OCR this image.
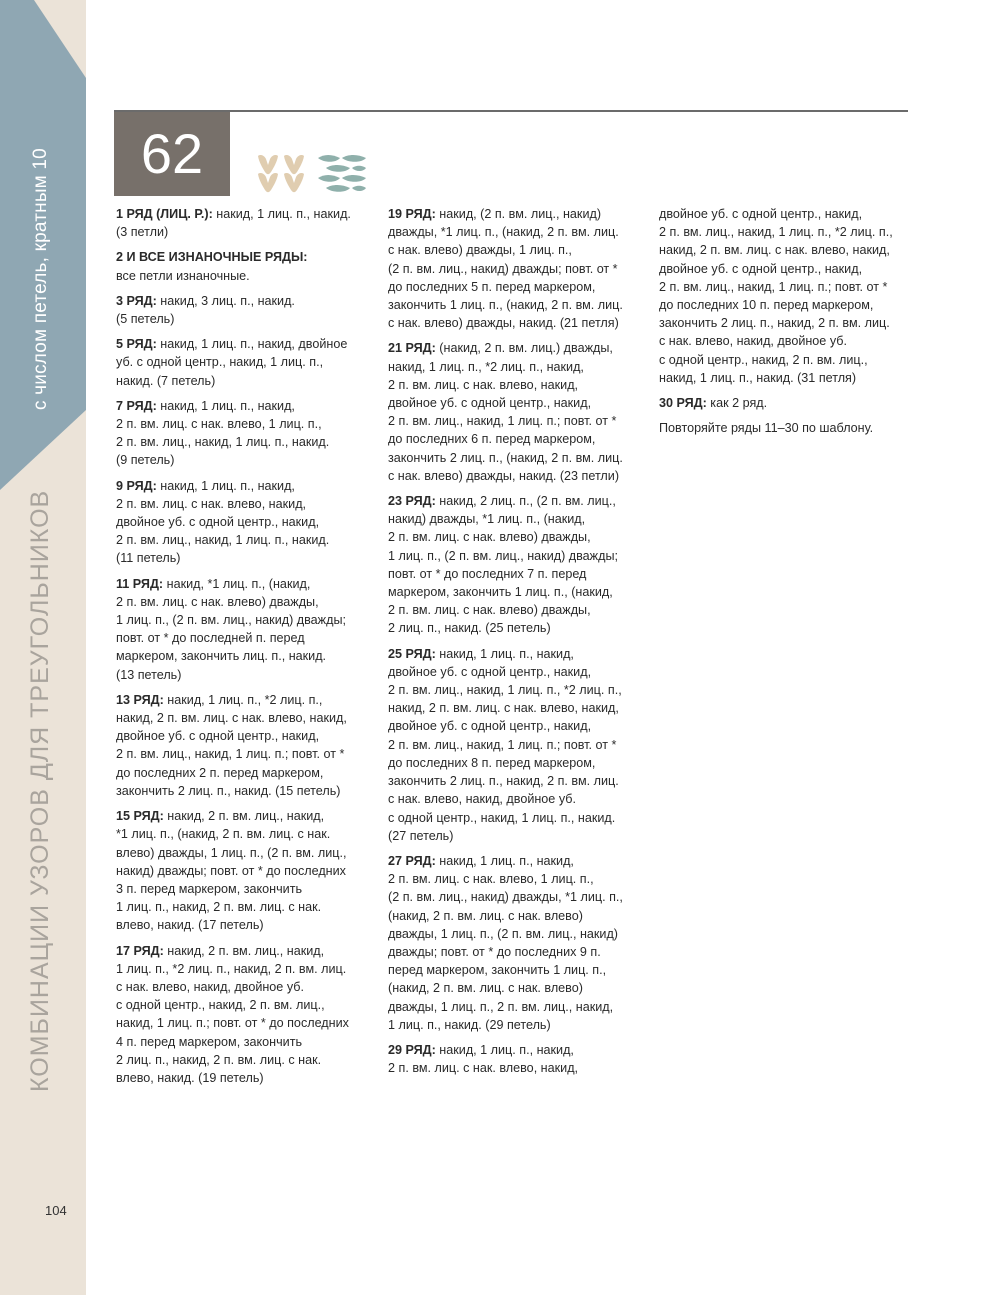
с числом петель, кратным 10
КОМБИНАЦИИ УЗОРОВ ДЛЯ ТРЕУГОЛЬНИКОВ
104
62
1 РЯД (ЛИЦ. Р.): накид, 1 лиц. п., накид.
(3 петли)
2 И ВСЕ ИЗНАНОЧНЫЕ РЯДЫ:
все петли изнаночные.
3 РЯД: накид, 3 лиц. п., накид.
(5 петель)
5 РЯД: накид, 1 лиц. п., накид, двойное
уб. с одной центр., накид, 1 лиц. п.,
накид. (7 петель)
7 РЯД: накид, 1 лиц. п., накид,
2 п. вм. лиц. с нак. влево, 1 лиц. п.,
2 п. вм. лиц., накид, 1 лиц. п., накид.
(9 петель)
9 РЯД: накид, 1 лиц. п., накид,
2 п. вм. лиц. с нак. влево, накид,
двойное уб. с одной центр., накид,
2 п. вм. лиц., накид, 1 лиц. п., накид.
(11 петель)
11 РЯД: накид, *1 лиц. п., (накид,
2 п. вм. лиц. с нак. влево) дважды,
1 лиц. п., (2 п. вм. лиц., накид) дважды;
повт. от * до последней п. перед
маркером, закончить лиц. п., накид.
(13 петель)
13 РЯД: накид, 1 лиц. п., *2 лиц. п.,
накид, 2 п. вм. лиц. с нак. влево, накид,
двойное уб. с одной центр., накид,
2 п. вм. лиц., накид, 1 лиц. п.; повт. от *
до последних 2 п. перед маркером,
закончить 2 лиц. п., накид. (15 петель)
15 РЯД: накид, 2 п. вм. лиц., накид,
*1 лиц. п., (накид, 2 п. вм. лиц. с нак.
влево) дважды, 1 лиц. п., (2 п. вм. лиц.,
накид) дважды; повт. от * до последних
3 п. перед маркером, закончить
1 лиц. п., накид, 2 п. вм. лиц. с нак.
влево, накид. (17 петель)
17 РЯД: накид, 2 п. вм. лиц., накид,
1 лиц. п., *2 лиц. п., накид, 2 п. вм. лиц.
с нак. влево, накид, двойное уб.
с одной центр., накид, 2 п. вм. лиц.,
накид, 1 лиц. п.; повт. от * до последних
4 п. перед маркером, закончить
2 лиц. п., накид, 2 п. вм. лиц. с нак.
влево, накид. (19 петель)
19 РЯД: накид, (2 п. вм. лиц., накид)
дважды, *1 лиц. п., (накид, 2 п. вм. лиц.
с нак. влево) дважды, 1 лиц. п.,
(2 п. вм. лиц., накид) дважды; повт. от *
до последних 5 п. перед маркером,
закончить 1 лиц. п., (накид, 2 п. вм. лиц.
с нак. влево) дважды, накид. (21 петля)
21 РЯД: (накид, 2 п. вм. лиц.) дважды,
накид, 1 лиц. п., *2 лиц. п., накид,
2 п. вм. лиц. с нак. влево, накид,
двойное уб. с одной центр., накид,
2 п. вм. лиц., накид, 1 лиц. п.; повт. от *
до последних 6 п. перед маркером,
закончить 2 лиц. п., (накид, 2 п. вм. лиц.
с нак. влево) дважды, накид. (23 петли)
23 РЯД: накид, 2 лиц. п., (2 п. вм. лиц.,
накид) дважды, *1 лиц. п., (накид,
2 п. вм. лиц. с нак. влево) дважды,
1 лиц. п., (2 п. вм. лиц., накид) дважды;
повт. от * до последних 7 п. перед
маркером, закончить 1 лиц. п., (накид,
2 п. вм. лиц. с нак. влево) дважды,
2 лиц. п., накид. (25 петель)
25 РЯД: накид, 1 лиц. п., накид,
двойное уб. с одной центр., накид,
2 п. вм. лиц., накид, 1 лиц. п., *2 лиц. п.,
накид, 2 п. вм. лиц. с нак. влево, накид,
двойное уб. с одной центр., накид,
2 п. вм. лиц., накид, 1 лиц. п.; повт. от *
до последних 8 п. перед маркером,
закончить 2 лиц. п., накид, 2 п. вм. лиц.
с нак. влево, накид, двойное уб.
с одной центр., накид, 1 лиц. п., накид.
(27 петель)
27 РЯД: накид, 1 лиц. п., накид,
2 п. вм. лиц. с нак. влево, 1 лиц. п.,
(2 п. вм. лиц., накид) дважды, *1 лиц. п.,
(накид, 2 п. вм. лиц. с нак. влево)
дважды, 1 лиц. п., (2 п. вм. лиц., накид)
дважды; повт. от * до последних 9 п.
перед маркером, закончить 1 лиц. п.,
(накид, 2 п. вм. лиц. с нак. влево)
дважды, 1 лиц. п., 2 п. вм. лиц., накид,
1 лиц. п., накид. (29 петель)
29 РЯД: накид, 1 лиц. п., накид,
2 п. вм. лиц. с нак. влево, накид,
двойное уб. с одной центр., накид,
2 п. вм. лиц., накид, 1 лиц. п., *2 лиц. п.,
накид, 2 п. вм. лиц. с нак. влево, накид,
двойное уб. с одной центр., накид,
2 п. вм. лиц., накид, 1 лиц. п.; повт. от *
до последних 10 п. перед маркером,
закончить 2 лиц. п., накид, 2 п. вм. лиц.
с нак. влево, накид, двойное уб.
с одной центр., накид, 2 п. вм. лиц.,
накид, 1 лиц. п., накид. (31 петля)
30 РЯД: как 2 ряд.
Повторяйте ряды 11–30 по шаблону.
